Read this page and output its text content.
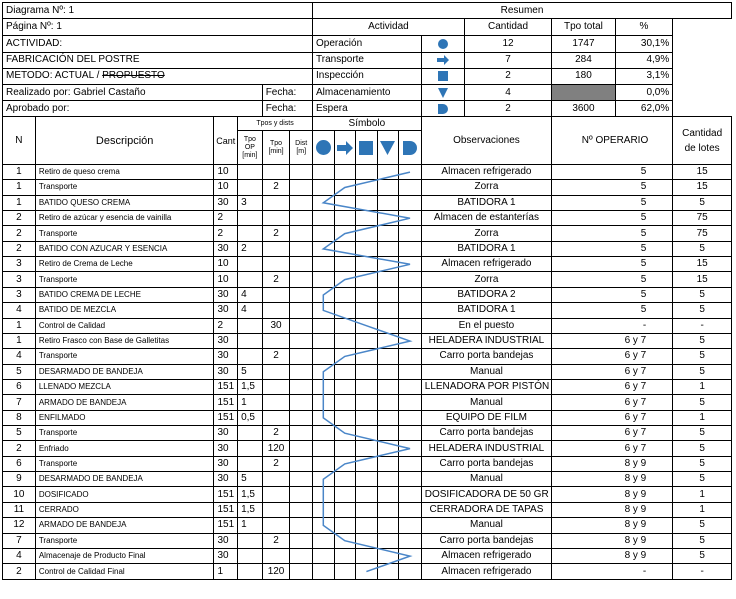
Diagrama Nº: 1						Resumen									
Página Nº: 1						Actividad						Cantidad	Tpo total	%	
ACTIVIDAD:						Operación						12	1747	30,1%	
FABRICACIÓN DEL POSTRE						Transporte						7	284	4,9%	
METODO: ACTUAL / PROPUESTO						Inspección						2	180	3,1%	
Realizado por: Gabriel Castaño				Fecha:		Almacenamiento						4		0,0%	
Aprobado por:				Fecha:		Espera						2	3600	62,0%	
N	Descripción	Cant	Tpos y dists			Símbolo					Observaciones		Nº OPERARIO		Cantidad de lotes
			Tpo OP [min]	Tpo [min]	Dist [m]	

1	Retiro de queso crema	10									Almacen refrigerado		5		15
1	Transporte	10		2							Zorra		5		15
1	BATIDO QUESO CREMA	30	3								BATIDORA 1		5		5
2	Retiro de azúcar y esencia de vainilla	2									Almacen de estanterías		5		75
2	Transporte	2		2							Zorra		5		75
2	BATIDO CON AZUCAR Y ESENCIA	30	2								BATIDORA 1		5		5
3	Retiro de Crema de Leche	10									Almacen refrigerado		5		15
3	Transporte	10		2							Zorra		5		15
3	BATIDO CREMA DE LECHE	30	4								BATIDORA 2		5		5
4	BATIDO DE MEZCLA	30	4								BATIDORA 1		5		5
1	Control de Calidad	2		30							En el puesto		-		-
1	Retiro Frasco con Base de Galletitas	30									HELADERA INDUSTRIAL		6 y 7		5
4	Transporte	30		2							Carro porta bandejas		6 y 7		5
5	DESARMADO DE BANDEJA	30	5								Manual		6 y 7		5
6	LLENADO MEZCLA	151	1,5								LLENADORA POR PISTÓN		6 y 7		1
7	ARMADO DE BANDEJA	151	1								Manual		6 y 7		5
8	ENFILMADO	151	0,5								EQUIPO DE FILM		6 y 7		1
5	Transporte	30		2							Carro porta bandejas		6 y 7		5
2	Enfriado	30		120							HELADERA INDUSTRIAL		6 y 7		5
6	Transporte	30		2							Carro porta bandejas		8 y 9		5
9	DESARMADO DE BANDEJA	30	5								Manual		8 y 9		5
10	DOSIFICADO	151	1,5								DOSIFICADORA DE 50 GR		8 y 9		1
11	CERRADO	151	1,5								CERRADORA DE TAPAS		8 y 9		1
12	ARMADO DE BANDEJA	151	1								Manual		8 y 9		5
7	Transporte	30		2							Carro porta bandejas		8 y 9		5
4	Almacenaje de Producto Final	30									Almacen refrigerado		8 y 9		5
2	Control de Calidad Final	1		120							Almacen refrigerado		-		-
